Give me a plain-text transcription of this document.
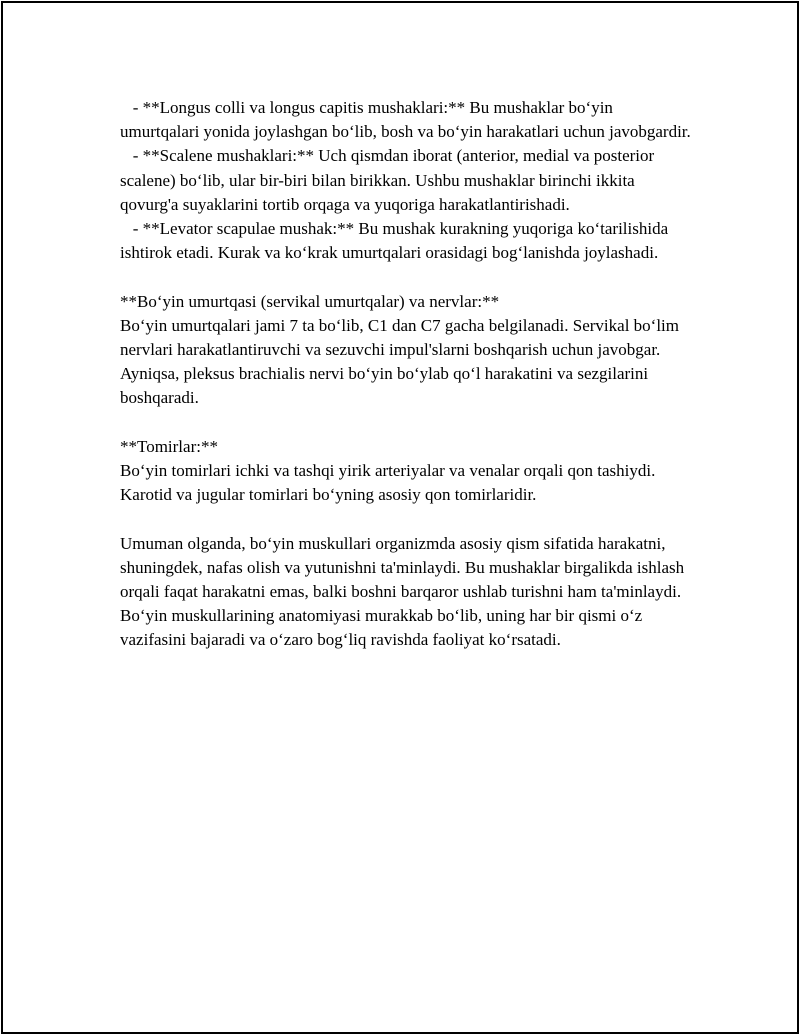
- **Longus colli va longus capitis mushaklari:** Bu mushaklar bo‘yin umurtqalari yonida joylashgan bo‘lib, bosh va bo‘yin harakatlari uchun javobgardir.
- **Scalene mushaklari:** Uch qismdan iborat (anterior, medial va posterior scalene) bo‘lib, ular bir-biri bilan birikkan. Ushbu mushaklar birinchi ikkita qovurg'a suyaklarini tortib orqaga va yuqoriga harakatlantirishadi.
- **Levator scapulae mushak:** Bu mushak kurakning yuqoriga ko‘tarilishida ishtirok etadi. Kurak va ko‘krak umurtqalari orasidagi bog‘lanishda joylashadi.

**Bo‘yin umurtqasi (servikal umurtqalar) va nervlar:**
Bo‘yin umurtqalari jami 7 ta bo‘lib, C1 dan C7 gacha belgilanadi. Servikal bo‘lim nervlari harakatlantiruvchi va sezuvchi impul'slarni boshqarish uchun javobgar. Ayniqsa, pleksus brachialis nervi bo‘yin bo‘ylab qo‘l harakatini va sezgilarini boshqaradi.

**Tomirlar:**
Bo‘yin tomirlari ichki va tashqi yirik arteriyalar va venalar orqali qon tashiydi. Karotid va jugular tomirlari bo‘yning asosiy qon tomirlaridir.

Umuman olganda, bo‘yin muskullari organizmda asosiy qism sifatida harakatni, shuningdek, nafas olish va yutunishni ta'minlaydi. Bu mushaklar birgalikda ishlash orqali faqat harakatni emas, balki boshni barqaror ushlab turishni ham ta'minlaydi. Bo‘yin muskullarining anatomiyasi murakkab bo‘lib, uning har bir qismi o‘z vazifasini bajaradi va o‘zaro bog‘liq ravishda faoliyat ko‘rsatadi.
